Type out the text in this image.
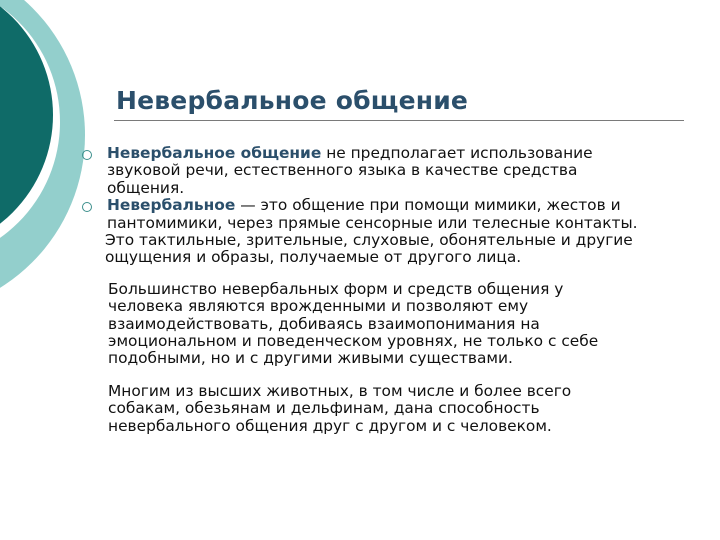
Невербальное общение
Невербальное общение не предполагает использование
звуковой речи, естественного языка в качестве средства
общения.
Невербальное — это общение при помощи мимики, жестов и
пантомимики, через прямые сенсорные или телесные контакты.
Это тактильные, зрительные, слуховые, обонятельные и другие
ощущения и образы, получаемые от другого лица.
Большинство невербальных форм и средств общения у
человека являются врожденными и позволяют ему
взаимодействовать, добиваясь взаимопонимания на
эмоциональном и поведенческом уровнях, не только с себе
подобными, но и с другими живыми существами.
Многим из высших животных, в том числе и более всего
собакам, обезьянам и дельфинам, дана способность
невербального общения друг с другом и с человеком.
